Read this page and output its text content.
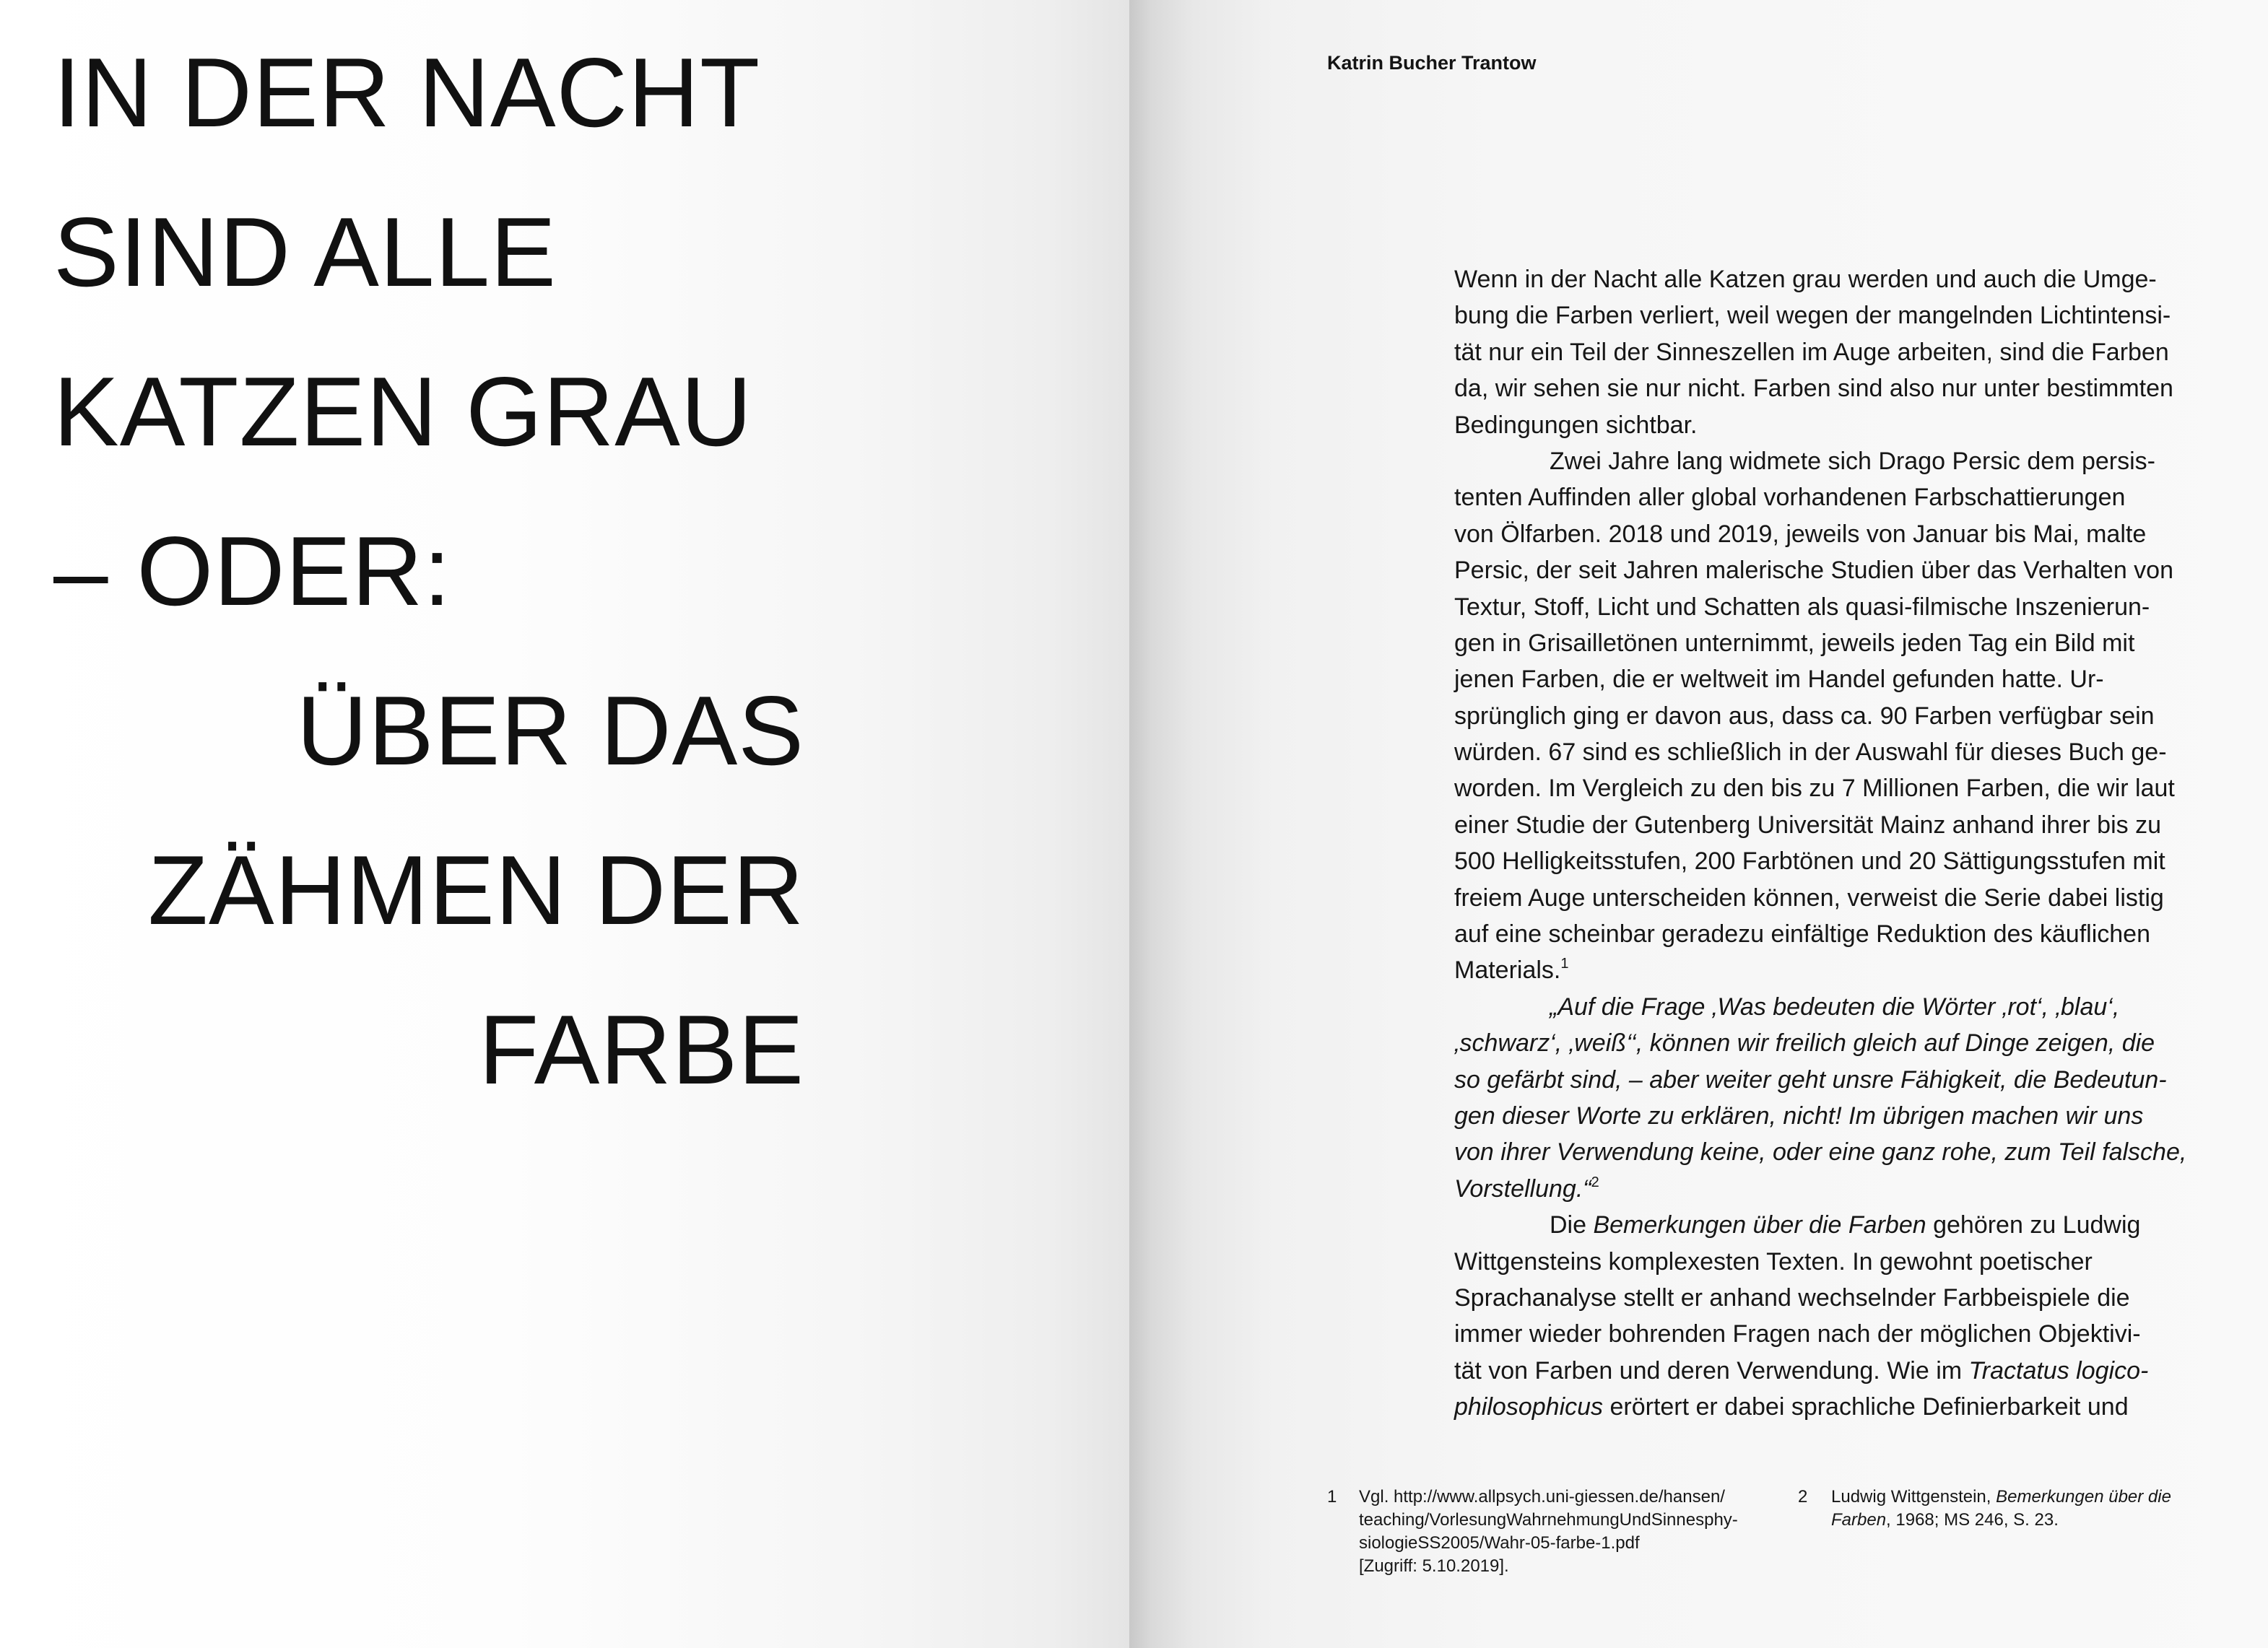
IN DER NACHT
SIND ALLE
KATZEN GRAU
– ODER:
ÜBER DAS
ZÄHMEN DER
FARBE
Katrin Bucher Trantow
Wenn in der Nacht alle Katzen grau werden und auch die Umge-
bung die Farben verliert, weil wegen der mangelnden Lichtintensi-
tät nur ein Teil der Sinneszellen im Auge arbeiten, sind die Farben
da, wir sehen sie nur nicht. Farben sind also nur unter bestimmten
Bedingungen sichtbar.
Zwei Jahre lang widmete sich Drago Persic dem persis-
tenten Auffinden aller global vorhandenen Farbschattierungen
von Ölfarben. 2018 und 2019, jeweils von Januar bis Mai, malte
Persic, der seit Jahren malerische Studien über das Verhalten von
Textur, Stoff, Licht und Schatten als quasi-filmische Inszenierun-
gen in Grisailletönen unternimmt, jeweils jeden Tag ein Bild mit
jenen Farben, die er weltweit im Handel gefunden hatte. Ur-
sprünglich ging er davon aus, dass ca. 90 Farben verfügbar sein
würden. 67 sind es schließlich in der Auswahl für dieses Buch ge-
worden. Im Vergleich zu den bis zu 7 Millionen Farben, die wir laut
einer Studie der Gutenberg Universität Mainz anhand ihrer bis zu
500 Helligkeitsstufen, 200 Farbtönen und 20 Sättigungsstufen mit
freiem Auge unterscheiden können, verweist die Serie dabei listig
auf eine scheinbar geradezu einfältige Reduktion des käuflichen
Materials.$^1$
„Auf die Frage ‚Was bedeuten die Wörter ‚rot‘, ‚blau‘,
‚schwarz‘, ‚weiß‘‘, können wir freilich gleich auf Dinge zeigen, die
so gefärbt sind, – aber weiter geht unsre Fähigkeit, die Bedeutun-
gen dieser Worte zu erklären, nicht! Im übrigen machen wir uns
von ihrer Verwendung keine, oder eine ganz rohe, zum Teil falsche,
Vorstellung.“$^2$
Die Bemerkungen über die Farben gehören zu Ludwig
Wittgensteins komplexesten Texten. In gewohnt poetischer
Sprachanalyse stellt er anhand wechselnder Farbbeispiele die
immer wieder bohrenden Fragen nach der möglichen Objektivi-
tät von Farben und deren Verwendung. Wie im Tractatus logico-
philosophicus erörtert er dabei sprachliche Definierbarkeit und
1 Vgl. http://www.allpsych.uni-giessen.de/hansen/
teaching/VorlesungWahrnehmungUndSinnesphy-
siologieSS2005/Wahr-05-farbe-1.pdf
[Zugriff: 5.10.2019].
2 Ludwig Wittgenstein, Bemerkungen über die
Farben, 1968; MS 246, S. 23.
